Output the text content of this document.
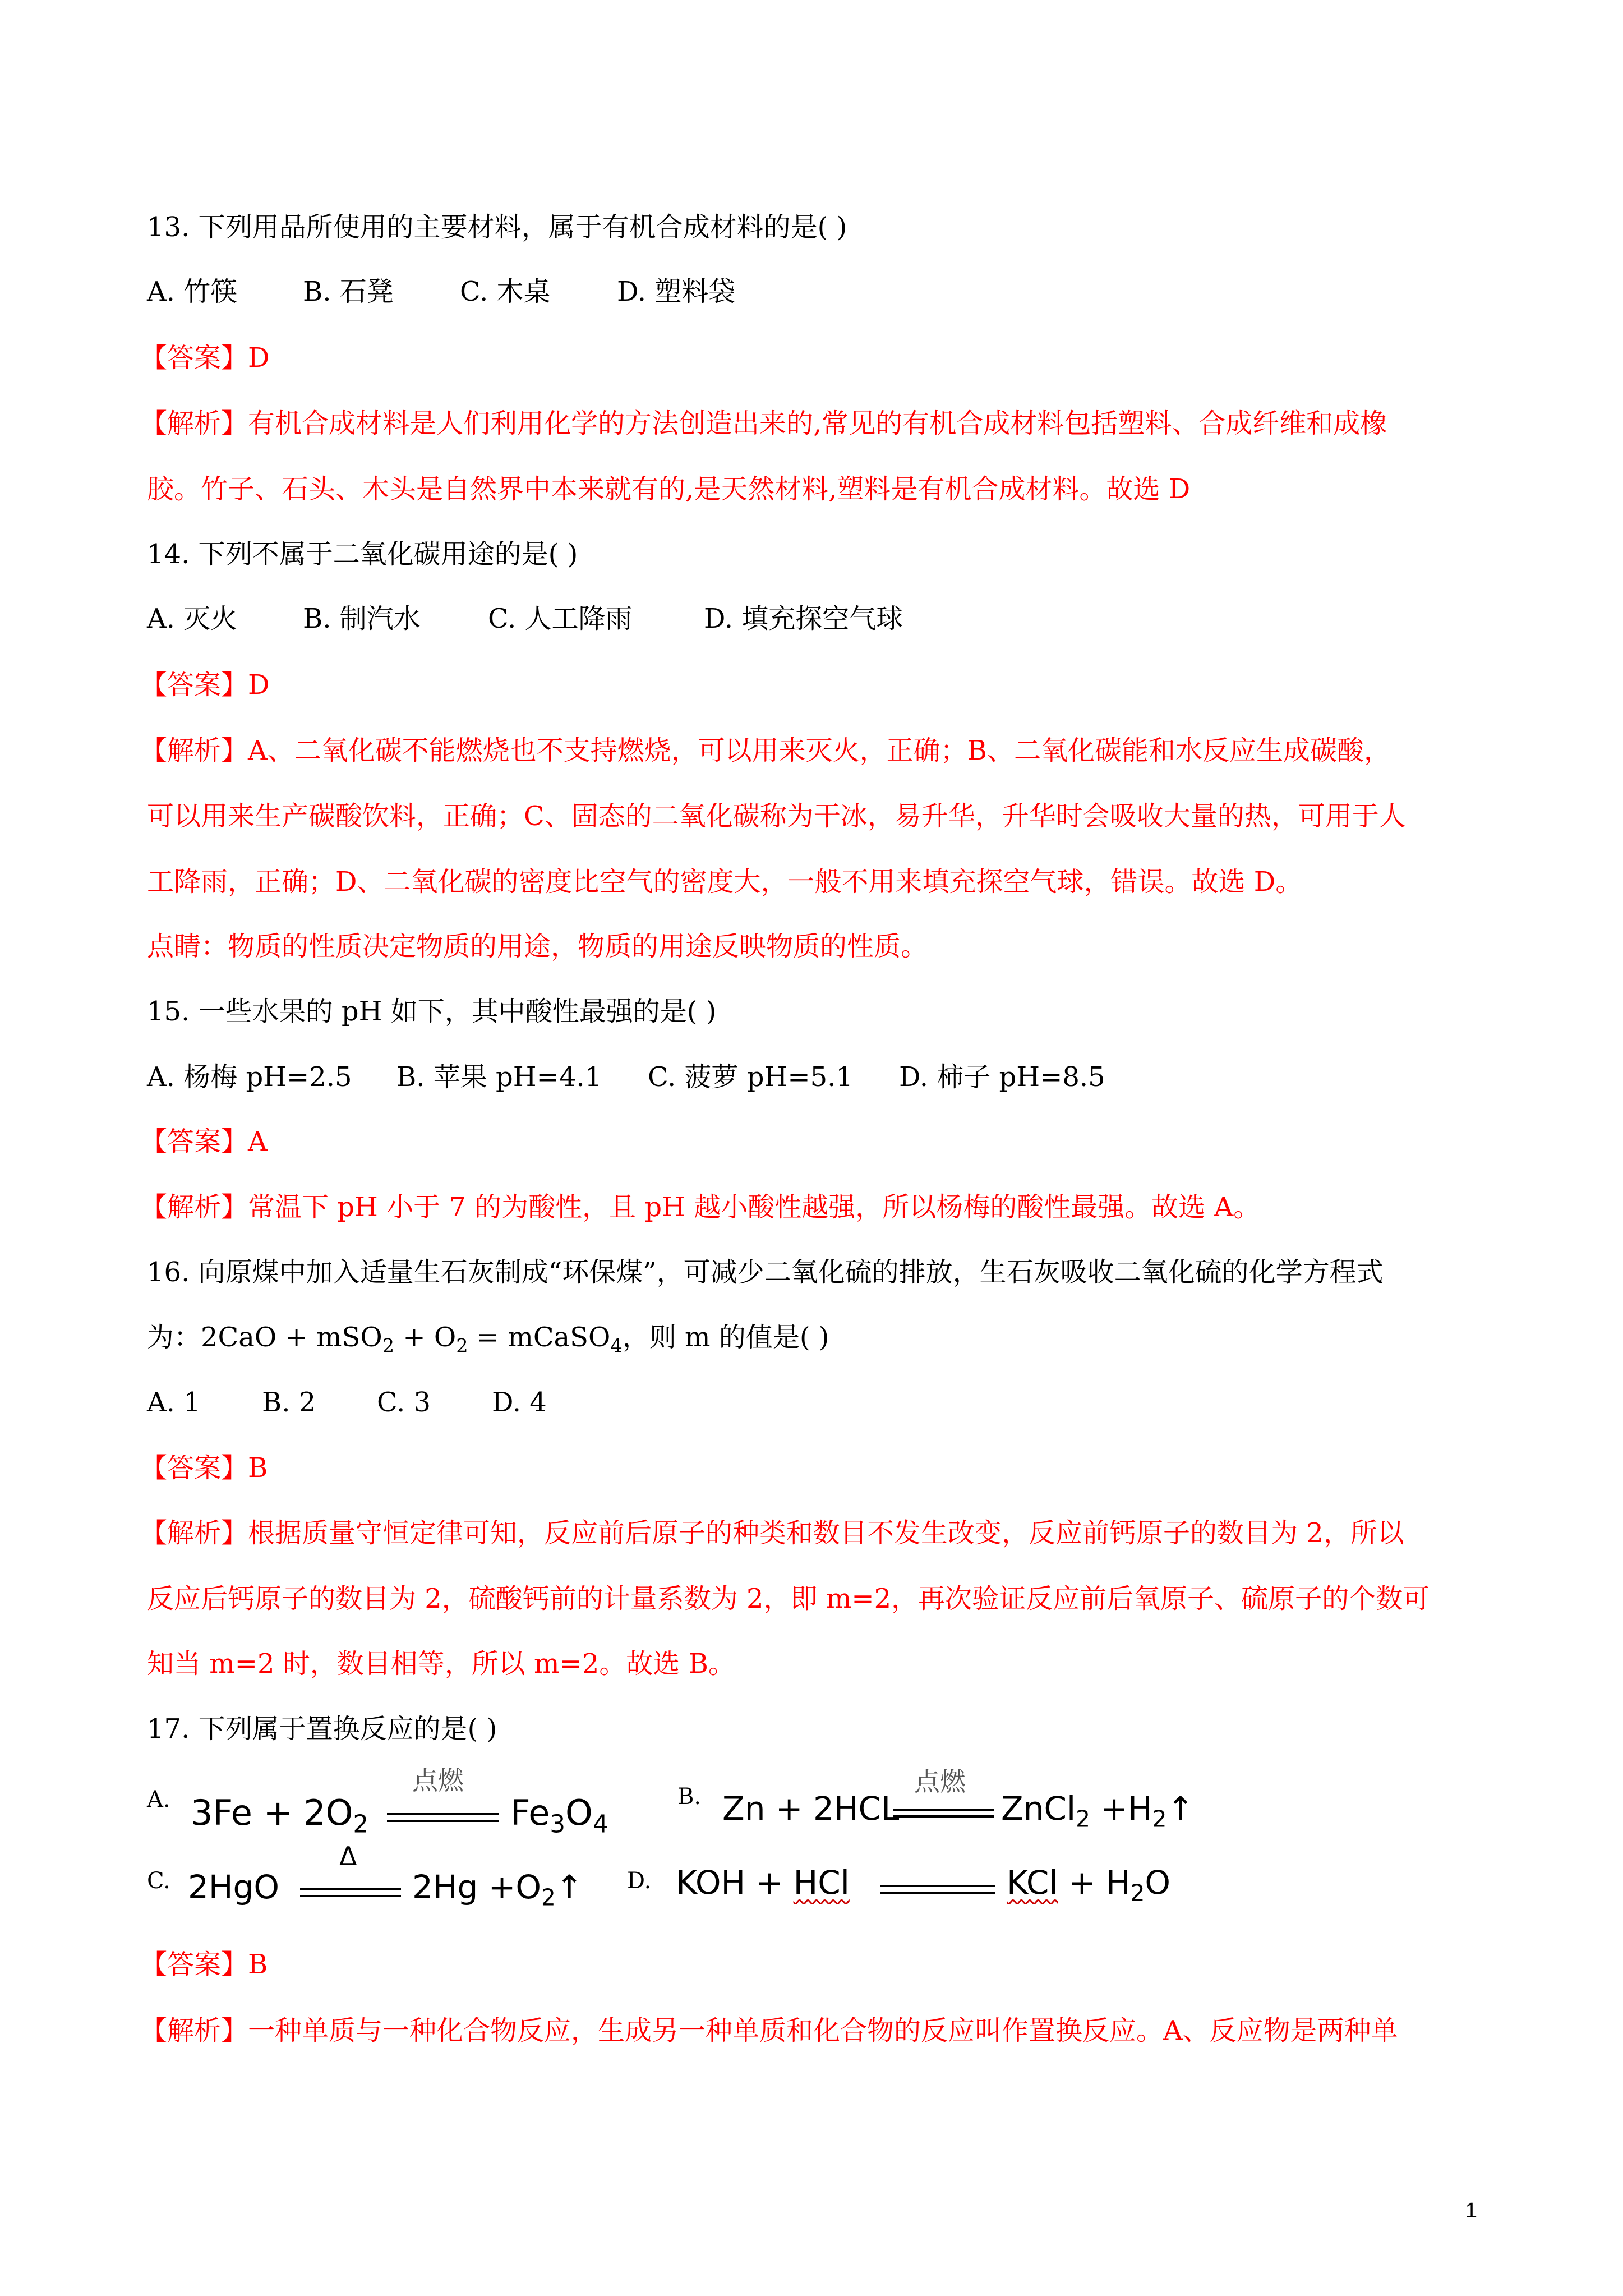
13. 下列用品所使用的主要材料，属于有机合成材料的是( )
A. 竹筷 B. 石凳 C. 木桌 D. 塑料袋
【答案】D
【解析】有机合成材料是人们利用化学的方法创造出来的,常见的有机合成材料包括塑料、合成纤维和成橡
胶。竹子、石头、木头是自然界中本来就有的,是天然材料,塑料是有机合成材料。故选 D
14. 下列不属于二氧化碳用途的是( )
A. 灭火 B. 制汽水	C. 人工降雨	D. 填充探空气球
【答案】D
【解析】A、二氧化碳不能燃烧也不支持燃烧，可以用来灭火，正确；B、二氧化碳能和水反应生成碳酸，
可以用来生产碳酸饮料，正确；C、固态的二氧化碳称为干冰，易升华，升华时会吸收大量的热，可用于人
工降雨，正确；D、二氧化碳的密度比空气的密度大，一般不用来填充探空气球，错误。故选 D。
点睛：物质的性质决定物质的用途，物质的用途反映物质的性质。
15. 一些水果的 pH 如下，其中酸性最强的是( )
A. 杨梅 pH=2.5 B. 苹果 pH=4.1 C. 菠萝 pH=5.1 D. 柿子 pH=8.5
【答案】A
【解析】常温下 pH 小于 7 的为酸性，且 pH 越小酸性越强，所以杨梅的酸性最强。故选 A。
16. 向原煤中加入适量生石灰制成“环保煤”，可减少二氧化硫的排放，生石灰吸收二氧化硫的化学方程式
为：$2CaO + mSO_2 + O_2$ = mCaSO$_4$，则 m 的值是( )
A. 1 B. 2 C. 3 D. 4
【答案】B
【解析】根据质量守恒定律可知，反应前后原子的种类和数目不发生改变，反应前钙原子的数目为 2，所以
反应后钙原子的数目为 2，硫酸钙前的计量系数为 2，即 m=2，再次验证反应前后氧原子、硫原子的个数可
知当 m=2 时，数目相等，所以 m=2。故选 B。
17. 下列属于置换反应的是( )
A. $3Fe + 2O_2$
点燃
$Fe_3O_4$
B. Zn + 2HCL
点燃
ZnCl$_2$ $+H_2↑$
C. 2HgO
Δ
$2Hg +O_2↑$ D. KOH + HCl	KCl + $H_2O$
【答案】B
【解析】一种单质与一种化合物反应，生成另一种单质和化合物的反应叫作置换反应。A、反应物是两种单
1
